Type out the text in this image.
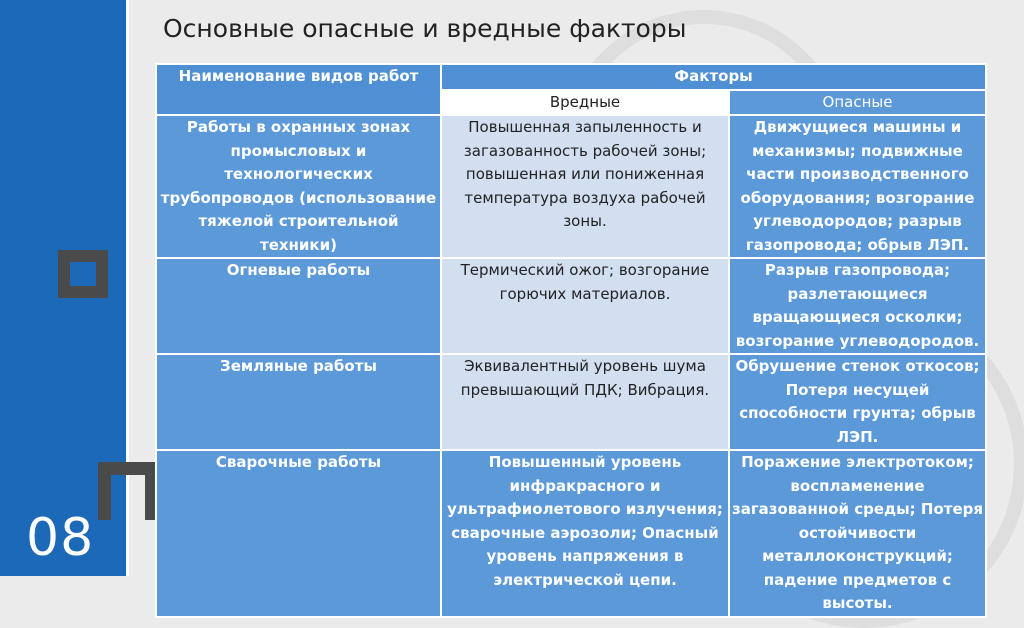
08
Основные опасные и вредные факторы
Наименование видов работ	Факторы	
	Вредные	Опасные

Работы в охранных зонах промысловых и технологических трубопроводов (использование тяжелой строительной техники)	Повышенная запыленность и загазованность рабочей зоны; повышенная или пониженная температура воздуха рабочей зоны.	Движущиеся машины и механизмы; подвижные части производственного оборудования; возгорание углеводородов; разрыв газопровода; обрыв ЛЭП.

Огневые работы	Термический ожог; возгорание горючих материалов.	Разрыв газопровода; разлетающиеся вращающиеся осколки; возгорание углеводородов.

Земляные работы	Эквивалентный уровень шума превышающий ПДК; Вибрация.	Обрушение стенок откосов; Потеря несущей способности грунта; обрыв ЛЭП.

Сварочные работы	Повышенный уровень инфракрасного и ультрафиолетового излучения; сварочные аэрозоли; Опасный уровень напряжения в электрической цепи.	Поражение электротоком; воспламенение загазованной среды; Потеря остойчивости металлоконструкций; падение предметов с высоты.
